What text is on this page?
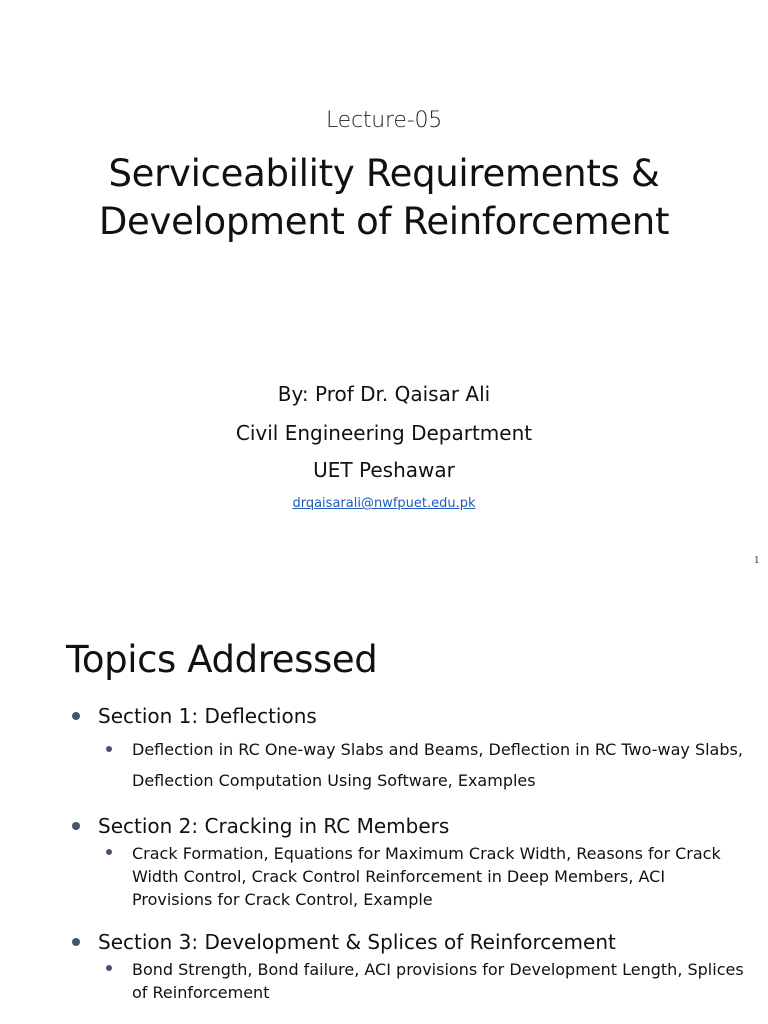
Lecture-05
Serviceability Requirements &
Development of Reinforcement
By: Prof Dr. Qaisar Ali
Civil Engineering Department
UET Peshawar
drqaisarali@nwfpuet.edu.pk
1
Topics Addressed
Section 1: Deflections
Deflection in RC One-way Slabs and Beams, Deflection in RC Two-way Slabs, Deflection Computation Using Software, Examples
Section 2: Cracking in RC Members
Crack Formation, Equations for Maximum Crack Width, Reasons for Crack Width Control, Crack Control Reinforcement in Deep Members, ACI Provisions for Crack Control, Example
Section 3: Development & Splices of Reinforcement
Bond Strength, Bond failure, ACI provisions for Development Length, Splices of Reinforcement
